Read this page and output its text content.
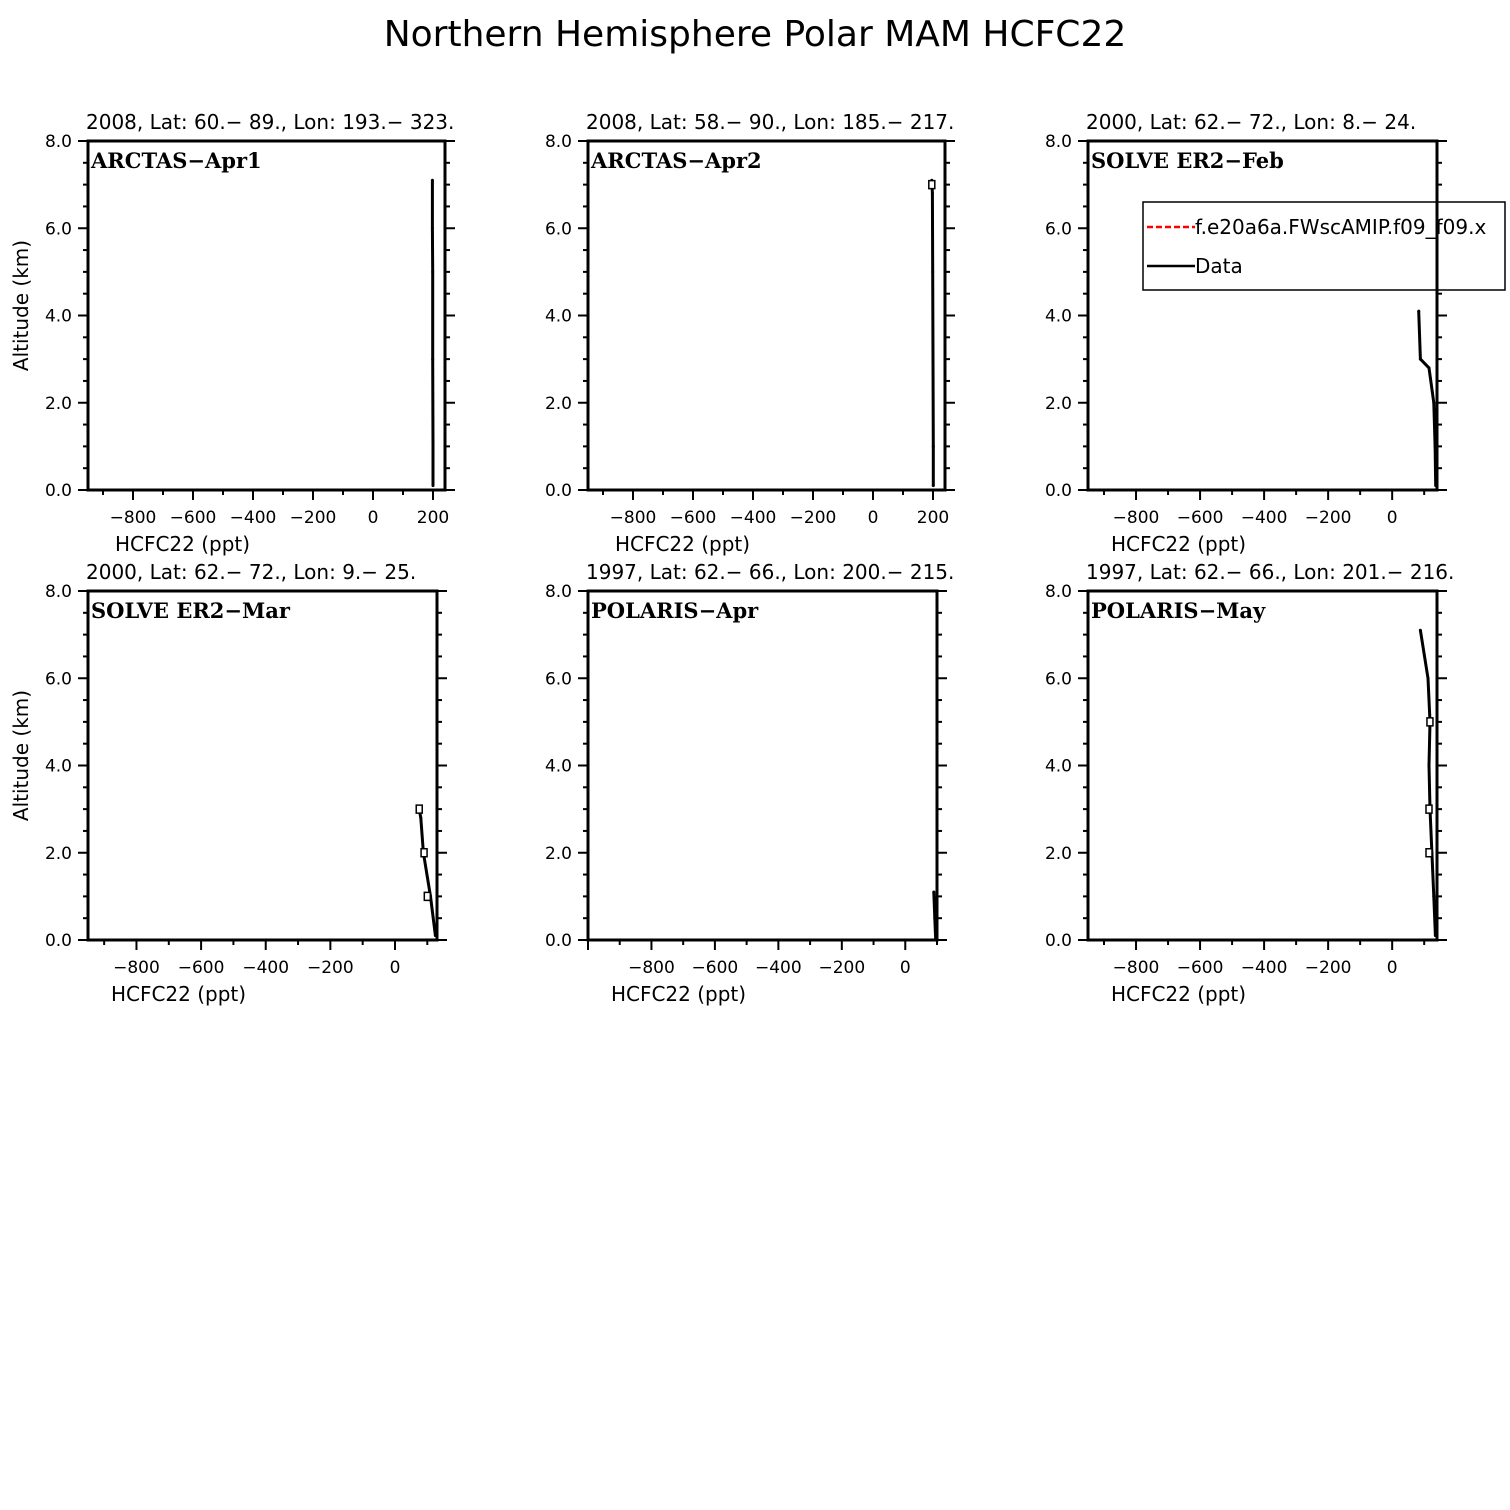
Northern Hemisphere Polar MAM HCFC22
2008, Lat: 60.− 89., Lon: 193.− 323.
0.0
2.0
4.0
6.0
8.0
−800 −600 −400 −200 0 200
HCFC22 (ppt)
Altitude (km)
ARCTAS−Apr1
2008, Lat: 58.− 90., Lon: 185.− 217.
0.0
2.0
4.0
6.0
8.0
−800 −600 −400 −200 0 200
HCFC22 (ppt)
ARCTAS−Apr2
2000, Lat: 62.− 72., Lon: 8.− 24.
0.0
2.0
4.0
6.0
8.0
−800 −600 −400 −200 0
HCFC22 (ppt)
SOLVE ER2−Feb
f.e20a6a.FWscAMIP.f09_f09.x
Data
2000, Lat: 62.− 72., Lon: 9.− 25.
0.0
2.0
4.0
6.0
8.0
−800 −600 −400 −200 0
HCFC22 (ppt)
Altitude (km)
SOLVE ER2−Mar
1997, Lat: 62.− 66., Lon: 200.− 215.
0.0
2.0
4.0
6.0
8.0
−800 −600 −400 −200 0
HCFC22 (ppt)
POLARIS−Apr
1997, Lat: 62.− 66., Lon: 201.− 216.
0.0
2.0
4.0
6.0
8.0
−800 −600 −400 −200 0
HCFC22 (ppt)
POLARIS−May
